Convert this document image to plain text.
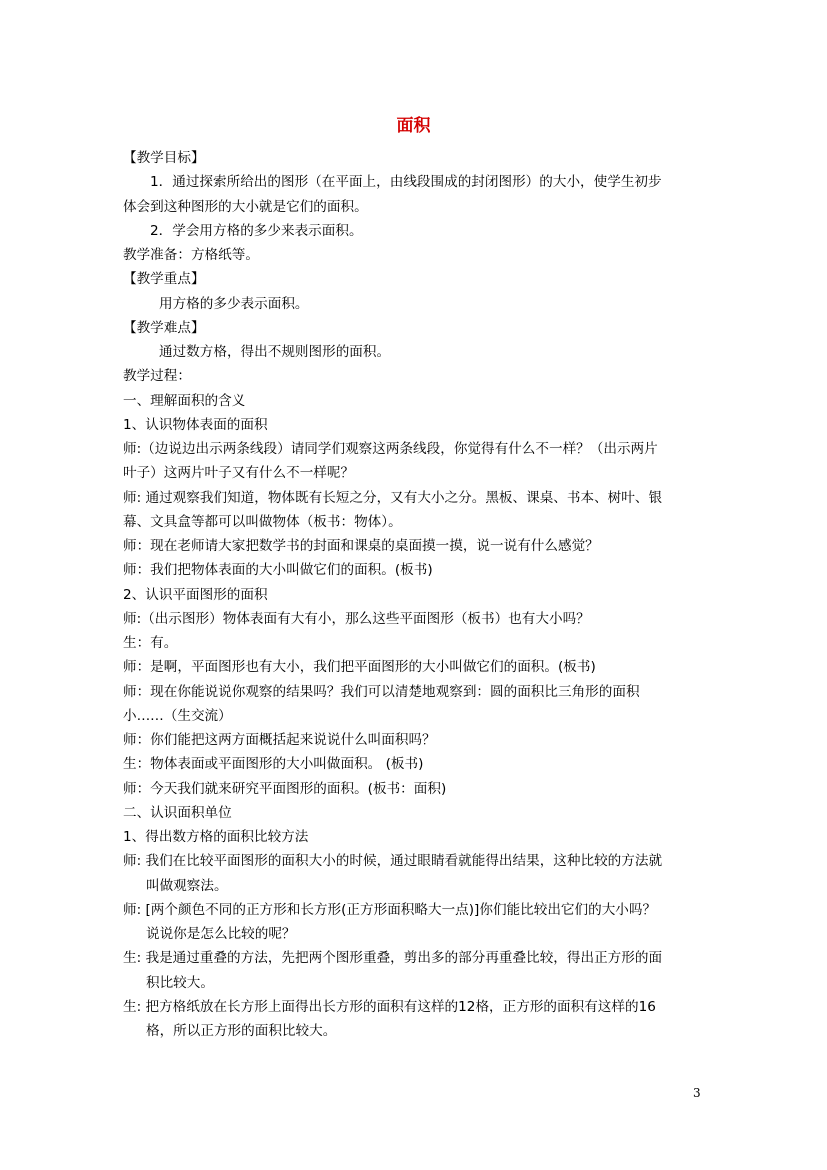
面积
【教学目标】
1．通过探索所给出的图形（在平面上，由线段围成的封闭图形）的大小，使学生初步
体会到这种图形的大小就是它们的面积。
2．学会用方格的多少来表示面积。
教学准备：方格纸等。
【教学重点】
用方格的多少表示面积。
【教学难点】
通过数方格，得出不规则图形的面积。
教学过程：
一、理解面积的含义
1、认识物体表面的面积
师:（边说边出示两条线段）请同学们观察这两条线段，你觉得有什么不一样？（出示两片
叶子）这两片叶子又有什么不一样呢？
师: 通过观察我们知道，物体既有长短之分，又有大小之分。黑板、课桌、书本、树叶、银
幕、文具盒等都可以叫做物体（板书：物体）。
师：现在老师请大家把数学书的封面和课桌的桌面摸一摸，说一说有什么感觉？
师：我们把物体表面的大小叫做它们的面积。(板书)
2、认识平面图形的面积
师:（出示图形）物体表面有大有小，那么这些平面图形（板书）也有大小吗？
生：有。
师：是啊，平面图形也有大小，我们把平面图形的大小叫做它们的面积。(板书)
师：现在你能说说你观察的结果吗？我们可以清楚地观察到：圆的面积比三角形的面积
小……（生交流）
师：你们能把这两方面概括起来说说什么叫面积吗？
生：物体表面或平面图形的大小叫做面积。 (板书)
师：今天我们就来研究平面图形的面积。(板书：面积)
二、认识面积单位
1、得出数方格的面积比较方法
师: 我们在比较平面图形的面积大小的时候，通过眼睛看就能得出结果，这种比较的方法就
叫做观察法。
师: [两个颜色不同的正方形和长方形(正方形面积略大一点)]你们能比较出它们的大小吗？
说说你是怎么比较的呢？
生: 我是通过重叠的方法，先把两个图形重叠，剪出多的部分再重叠比较，得出正方形的面
积比较大。
生: 把方格纸放在长方形上面得出长方形的面积有这样的12格，正方形的面积有这样的16
格，所以正方形的面积比较大。
3
